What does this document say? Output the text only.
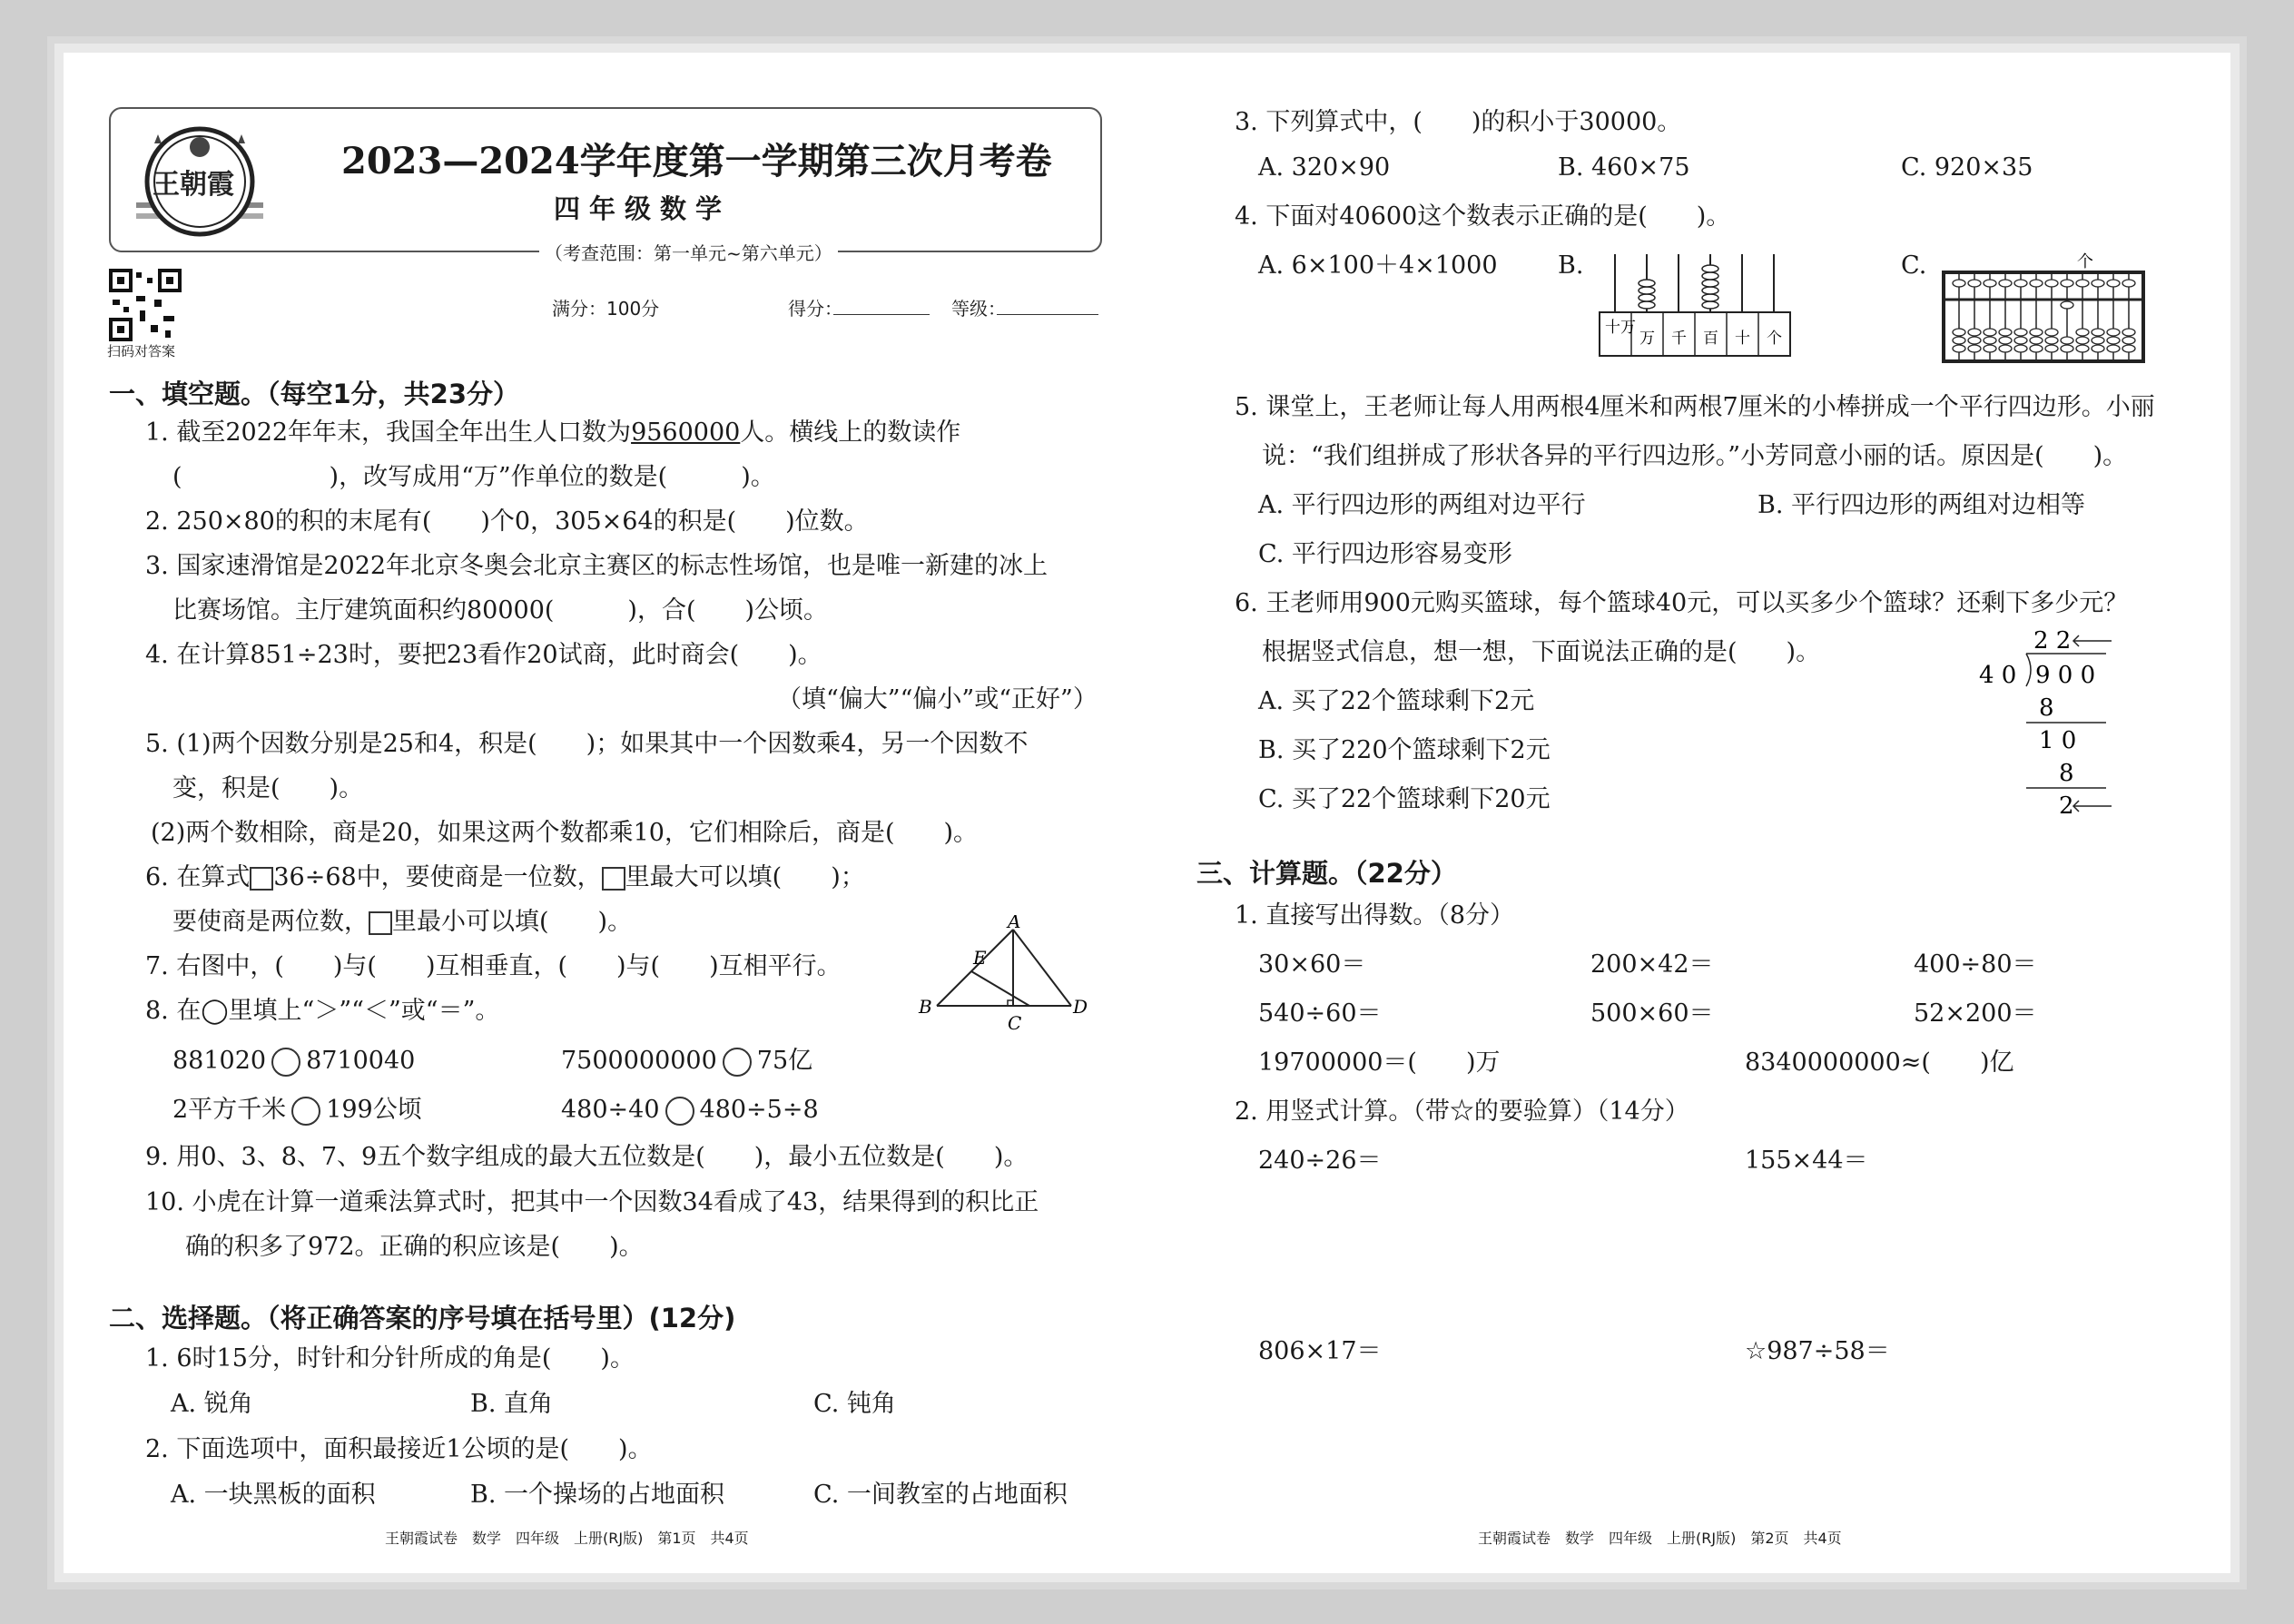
王朝霞
2023—2024学年度第一学期第三次月考卷
四年级数学
（考查范围：第一单元~第六单元）
扫码对答案
满分：100分	得分：	等级：
一、填空题。（每空1分，共23分）
1. 截至2022年年末，我国全年出生人口数为9560000人。横线上的数读作
(　　　　　　)，改写成用“万”作单位的数是(　　　)。
2. 250×80的积的末尾有(　　)个0，305×64的积是(　　)位数。
3. 国家速滑馆是2022年北京冬奥会北京主赛区的标志性场馆，也是唯一新建的冰上
比赛场馆。主厅建筑面积约80000(　　　)，合(　　)公顷。
4. 在计算851÷23时，要把23看作20试商，此时商会(　　)。
（填“偏大”“偏小”或“正好”）
5. (1)两个因数分别是25和4，积是(　　)；如果其中一个因数乘4，另一个因数不
变，积是(　　)。
(2)两个数相除，商是20，如果这两个数都乘10，它们相除后，商是(　　)。
6. 在算式 36÷68中，要使商是一位数， 里最大可以填(　　)；
要使商是两位数， 里最小可以填(　　)。
7. 右图中，(　　)与(　　)互相垂直，(　　)与(　　)互相平行。
A
E
B
C
D
8. 在◯里填上“＞”“＜”或“＝”。
881020 8710040	7500000000 75亿
2平方千米 199公顷	480÷40 480÷5÷8
9. 用0、3、8、7、9五个数字组成的最大五位数是(　　)，最小五位数是(　　)。
10. 小虎在计算一道乘法算式时，把其中一个因数34看成了43，结果得到的积比正
确的积多了972。正确的积应该是(　　)。
二、选择题。（将正确答案的序号填在括号里）(12分)
1. 6时15分，时针和分针所成的角是(　　)。
A. 锐角	B. 直角	C. 钝角
2. 下面选项中，面积最接近1公顷的是(　　)。
A. 一块黑板的面积	B. 一个操场的占地面积	C. 一间教室的占地面积
3. 下列算式中，(　　)的积小于30000。
A. 320×90	B. 460×75	C. 920×35
4. 下面对40600这个数表示正确的是(　　)。
A. 6×100＋4×1000 B.
十万
万 千 百 十 个
C.	个
5. 课堂上，王老师让每人用两根4厘米和两根7厘米的小棒拼成一个平行四边形。小丽
说：“我们组拼成了形状各异的平行四边形。”小芳同意小丽的话。原因是(　　)。
A. 平行四边形的两组对边平行	B. 平行四边形的两组对边相等
C. 平行四边形容易变形
6. 王老师用900元购买篮球，每个篮球40元，可以买多少个篮球？还剩下多少元？
根据竖式信息，想一想，下面说法正确的是(　　)。
A. 买了22个篮球剩下2元
B. 买了220个篮球剩下2元
C. 买了22个篮球剩下20元
2 2
4 0 9 0 0
8
1 0
8
2
三、计算题。（22分）
1. 直接写出得数。（8分）
30×60＝	200×42＝	400÷80＝
540÷60＝	500×60＝	52×200＝
19700000＝(　　)万	8340000000≈(　　)亿
2. 用竖式计算。（带☆的要验算）（14分）
240÷26＝	155×44＝
806×17＝	☆987÷58＝
王朝霞试卷　数学　四年级　上册(RJ版)　第1页　共4页	王朝霞试卷　数学　四年级　上册(RJ版)　第2页　共4页
